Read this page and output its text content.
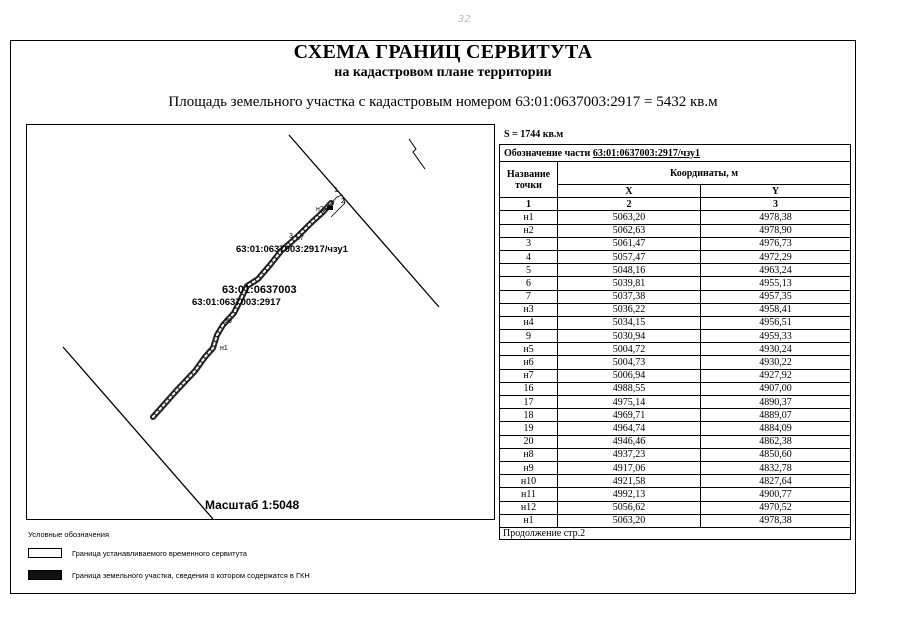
32
СХЕМА ГРАНИЦ СЕРВИТУТА
на кадастровом плане территории
Площадь земельного участка с кадастровым номером 63:01:0637003:2917 = 5432 кв.м
63:01:0637003:2917/чзу1
63:01:0637003
63:01:0637003:2917
1
2
н2
3 н7
15
н1
Масштаб 1:5048
S = 1744 кв.м
Обозначение части 63:01:0637003:2917/чзу1		
Название точки	Координаты, м	
	X	Y
1	2	3
н1	5063,20	4978,38
н2	5062,63	4978,90
3	5061,47	4976,73
4	5057,47	4972,29
5	5048,16	4963,24
6	5039,81	4955,13
7	5037,38	4957,35
н3	5036,22	4958,41
н4	5034,15	4956,51
9	5030,94	4959,33
н5	5004,72	4930,24
н6	5004,73	4930,22
н7	5006,94	4927,92
16	4988,55	4907,00
17	4975,14	4890,37
18	4969,71	4889,07
19	4964,74	4884,09
20	4946,46	4862,38
н8	4937,23	4850,60
н9	4917,06	4832,78
н10	4921,58	4827,64
н11	4992,13	4900,77
н12	5056,62	4970,52
н1	5063,20	4978,38
Продолжение стр.2		
Условные обозначения
Граница устанавливаемого временного сервитута
Граница земельного участка, сведения о котором содержатся в ГКН
